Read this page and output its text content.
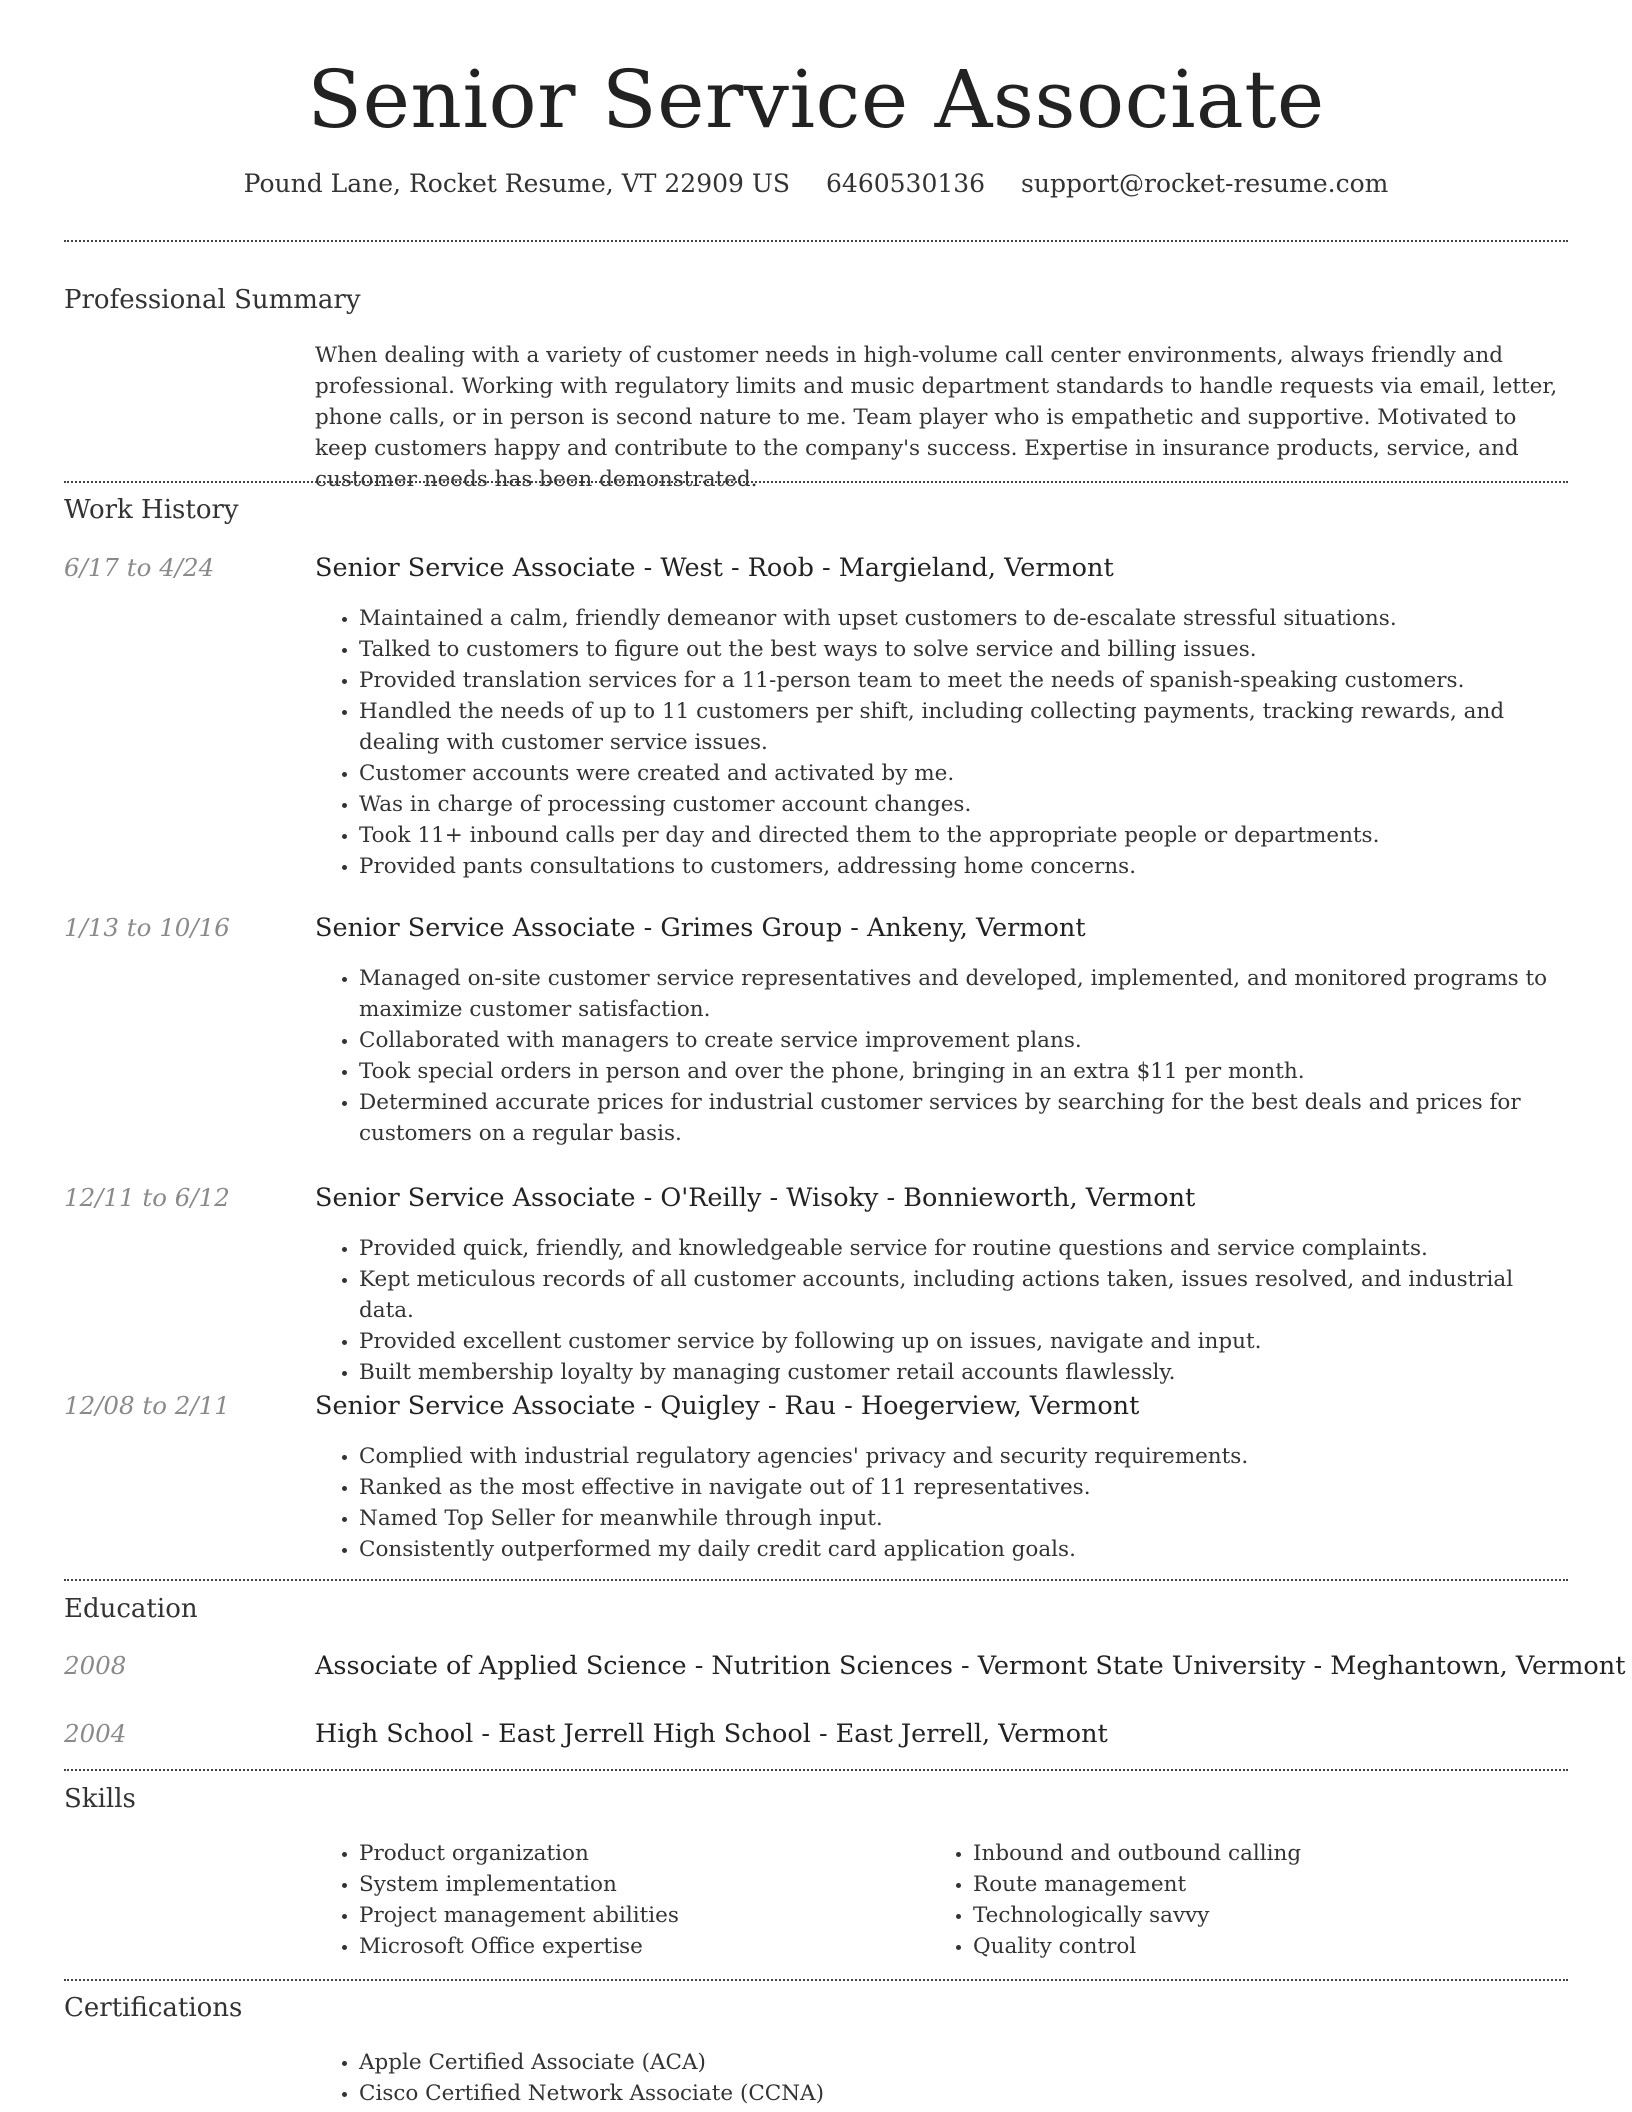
Senior Service Associate
Pound Lane, Rocket Resume, VT 22909 US 6460530136 support@rocket-resume.com
Professional Summary
When dealing with a variety of customer needs in high-volume call center environments, always friendly and professional. Working with regulatory limits and music department standards to handle requests via email, letter, phone calls, or in person is second nature to me. Team player who is empathetic and supportive. Motivated to keep customers happy and contribute to the company's success. Expertise in insurance products, service, and customer needs has been demonstrated.
Work History
6/17 to 4/24	Senior Service Associate - West - Roob - Margieland, Vermont
• Maintained a calm, friendly demeanor with upset customers to de-escalate stressful situations.
• Talked to customers to figure out the best ways to solve service and billing issues.
• Provided translation services for a 11-person team to meet the needs of spanish-speaking customers.
• Handled the needs of up to 11 customers per shift, including collecting payments, tracking rewards, and dealing with customer service issues.
• Customer accounts were created and activated by me.
• Was in charge of processing customer account changes.
• Took 11+ inbound calls per day and directed them to the appropriate people or departments.
• Provided pants consultations to customers, addressing home concerns.
1/13 to 10/16	Senior Service Associate - Grimes Group - Ankeny, Vermont
• Managed on-site customer service representatives and developed, implemented, and monitored programs to maximize customer satisfaction.
• Collaborated with managers to create service improvement plans.
• Took special orders in person and over the phone, bringing in an extra $11 per month.
• Determined accurate prices for industrial customer services by searching for the best deals and prices for customers on a regular basis.
12/11 to 6/12	Senior Service Associate - O'Reilly - Wisoky - Bonnieworth, Vermont
• Provided quick, friendly, and knowledgeable service for routine questions and service complaints.
• Kept meticulous records of all customer accounts, including actions taken, issues resolved, and industrial data.
• Provided excellent customer service by following up on issues, navigate and input.
• Built membership loyalty by managing customer retail accounts flawlessly.
12/08 to 2/11	Senior Service Associate - Quigley - Rau - Hoegerview, Vermont
• Complied with industrial regulatory agencies' privacy and security requirements.
• Ranked as the most effective in navigate out of 11 representatives.
• Named Top Seller for meanwhile through input.
• Consistently outperformed my daily credit card application goals.
Education
2008	Associate of Applied Science - Nutrition Sciences - Vermont State University - Meghantown, Vermont
2004	High School - East Jerrell High School - East Jerrell, Vermont
Skills
• Product organization
• System implementation
• Project management abilities
• Microsoft Office expertise
• Inbound and outbound calling
• Route management
• Technologically savvy
• Quality control
Certifications
• Apple Certified Associate (ACA)
• Cisco Certified Network Associate (CCNA)
